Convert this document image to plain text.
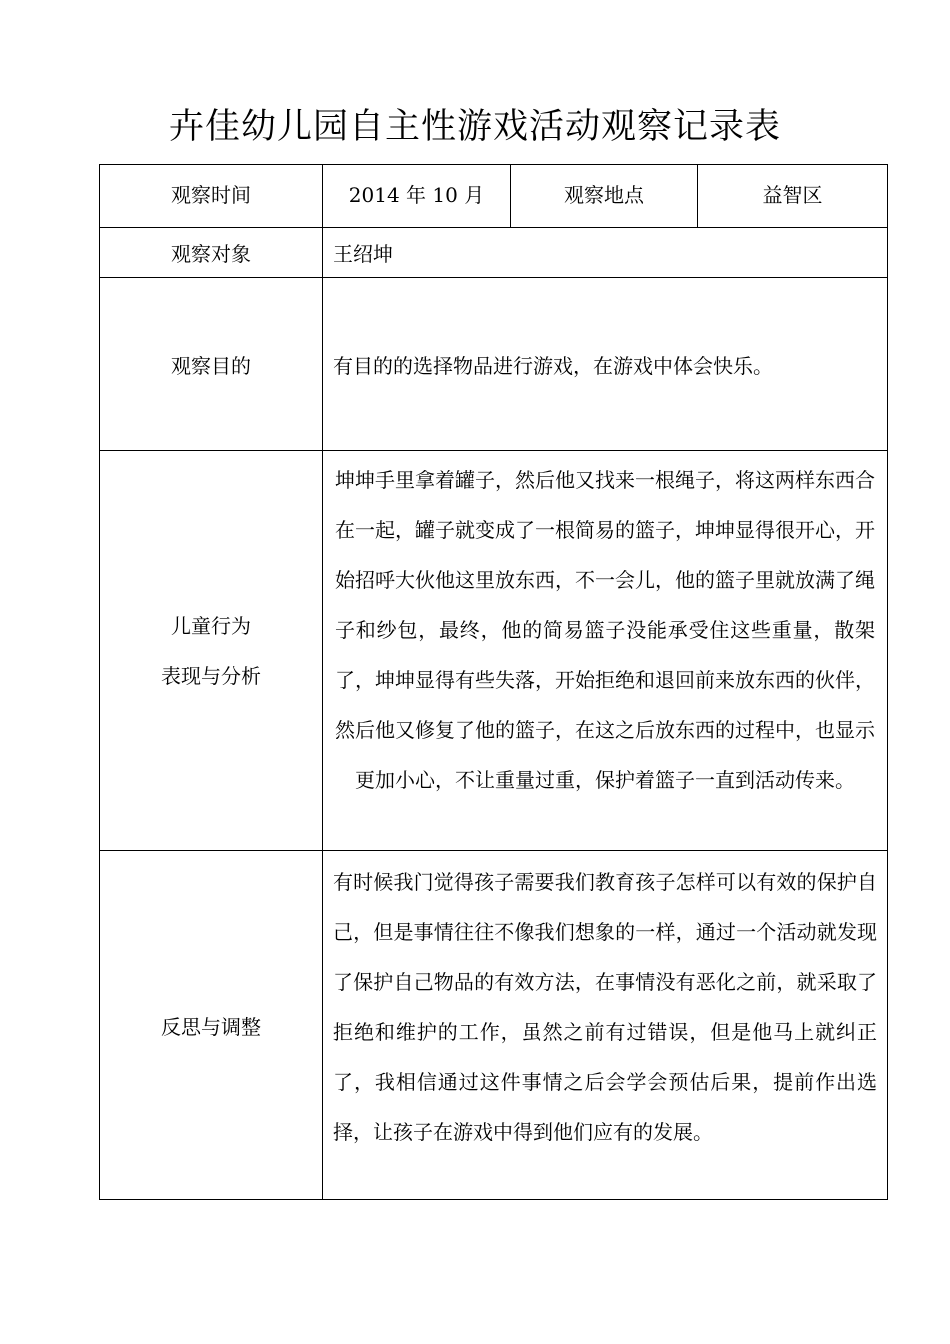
卉佳幼儿园自主性游戏活动观察记录表
观察时间	2014 年 10 月	观察地点	益智区
观察对象	王绍坤		
观察目的	有目的的选择物品进行游戏，在游戏中体会快乐。		

儿童行为
表现与分析	坤坤手里拿着罐子，然后他又找来一根绳子，将这两样东西合在一起，罐子就变成了一根简易的篮子，坤坤显得很开心，开始招呼大伙他这里放东西，不一会儿，他的篮子里就放满了绳子和纱包，最终，他的简易篮子没能承受住这些重量，散架了，坤坤显得有些失落，开始拒绝和退回前来放东西的伙伴，然后他又修复了他的篮子，在这之后放东西的过程中，也显示更加小心，不让重量过重，保护着篮子一直到活动传来。		

反思与调整	有时候我门觉得孩子需要我们教育孩子怎样可以有效的保护自己，但是事情往往不像我们想象的一样，通过一个活动就发现了保护自己物品的有效方法，在事情没有恶化之前，就采取了拒绝和维护的工作，虽然之前有过错误，但是他马上就纠正了，我相信通过这件事情之后会学会预估后果，提前作出选择，让孩子在游戏中得到他们应有的发展。		
